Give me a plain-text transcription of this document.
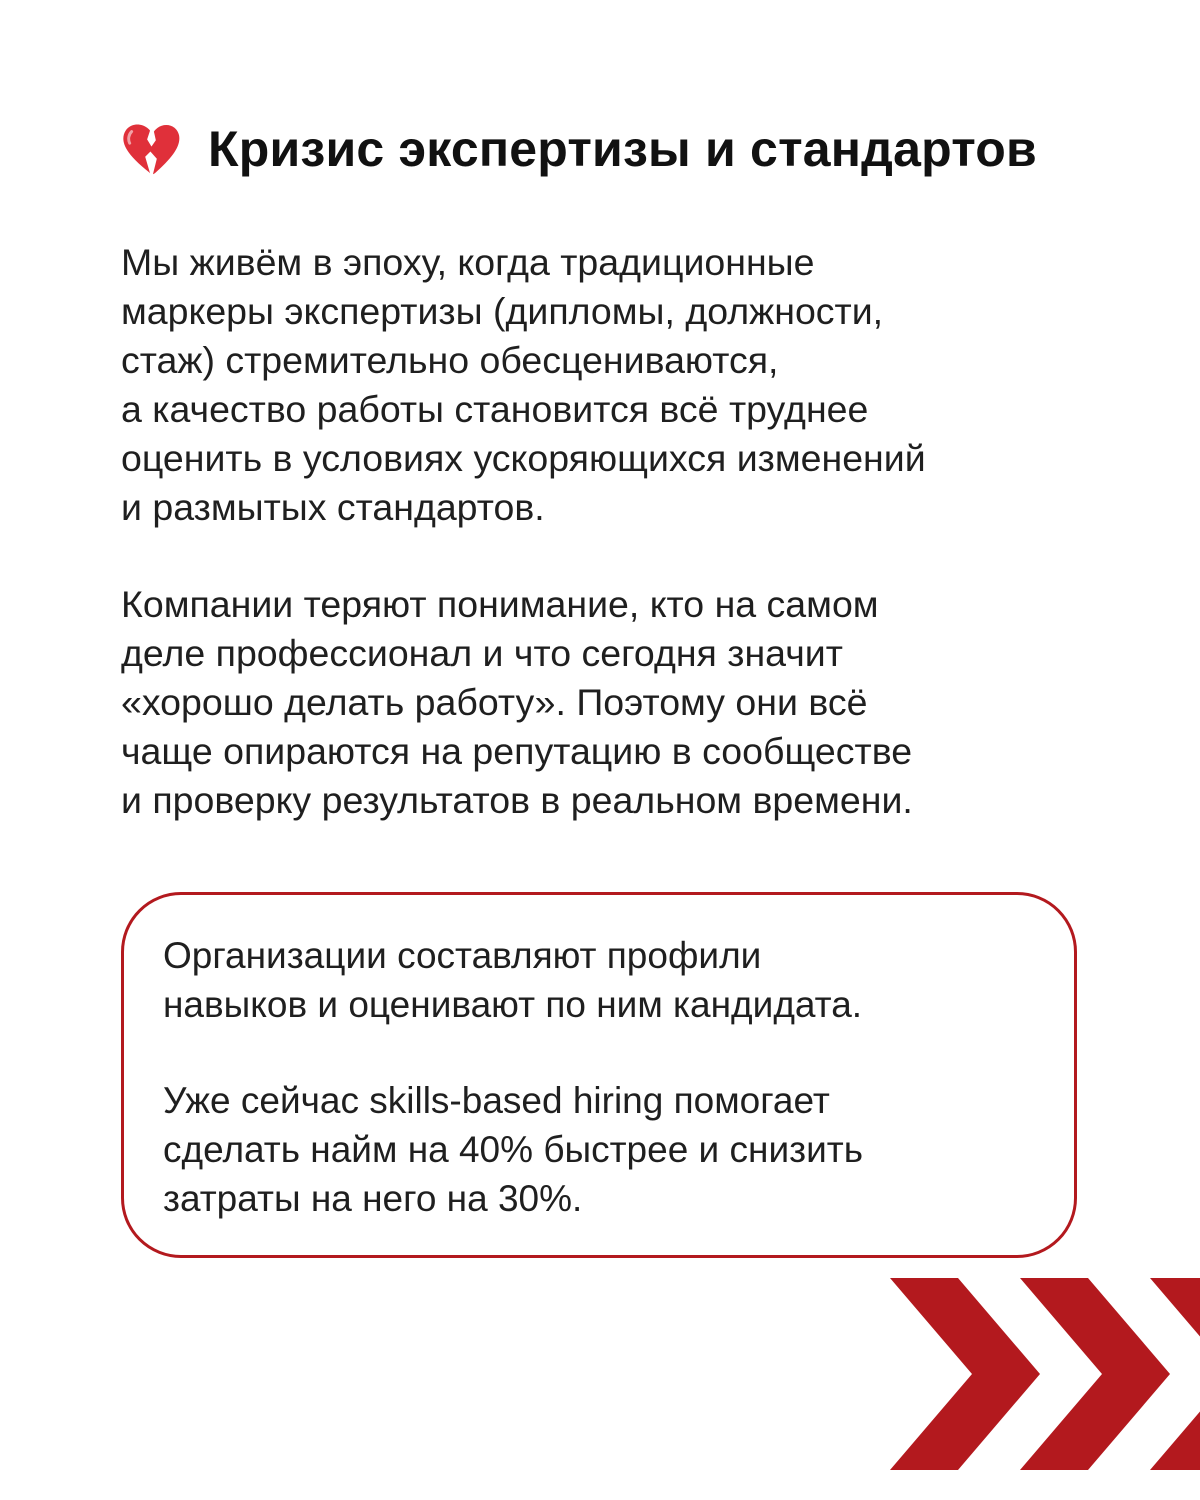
Кризис экспертизы и стандартов

Мы живём в эпоху, когда традиционные
маркеры экспертизы (дипломы, должности,
стаж) стремительно обесцениваются,
а качество работы становится всё труднее
оценить в условиях ускоряющихся изменений
и размытых стандартов.

Компании теряют понимание, кто на самом
деле профессионал и что сегодня значит
«хорошо делать работу». Поэтому они всё
чаще опираются на репутацию в сообществе
и проверку результатов в реальном времени.

Организации составляют профили
навыков и оценивают по ним кандидата.

Уже сейчас skills-based hiring помогает
сделать найм на 40% быстрее и снизить
затраты на него на 30%.
